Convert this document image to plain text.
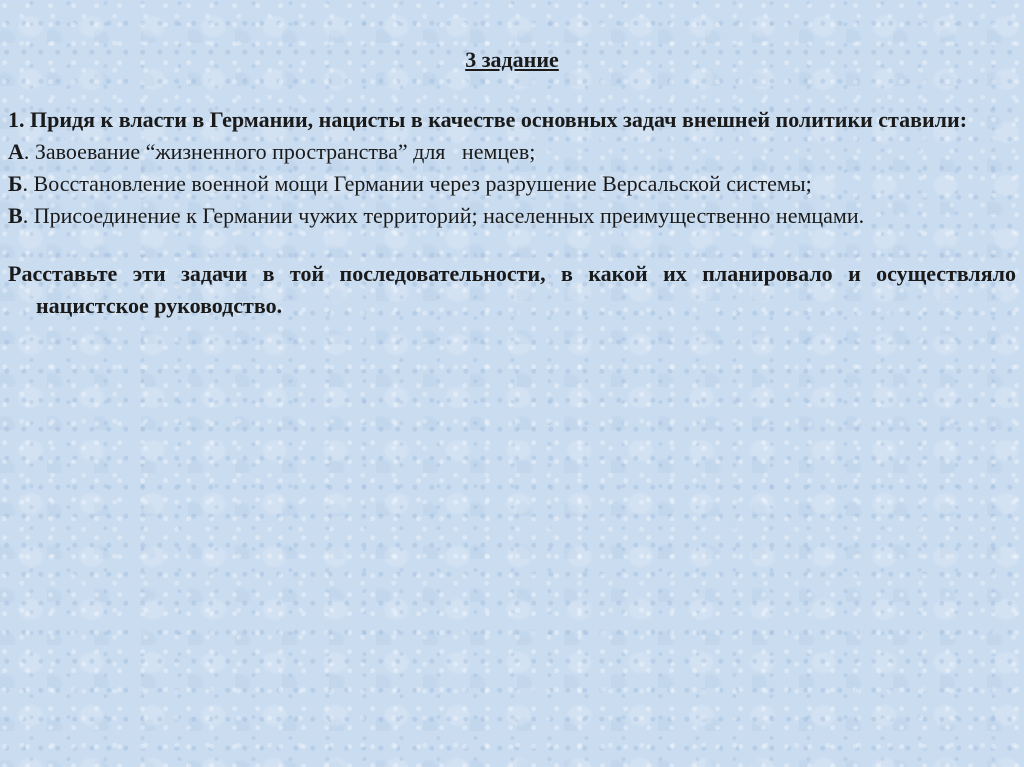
3 задание

1. Придя к власти в Германии, нацисты в качестве основных задач внешней политики ставили:

А. Завоевание “жизненного пространства” для   немцев;

Б. Восстановление военной мощи Германии через разрушение Версальской системы;

В. Присоединение к Германии чужих территорий; населенных преимущественно немцами.

Расставьте эти задачи в той последовательности, в какой их планировало и осуществляло нацистское руководство.
